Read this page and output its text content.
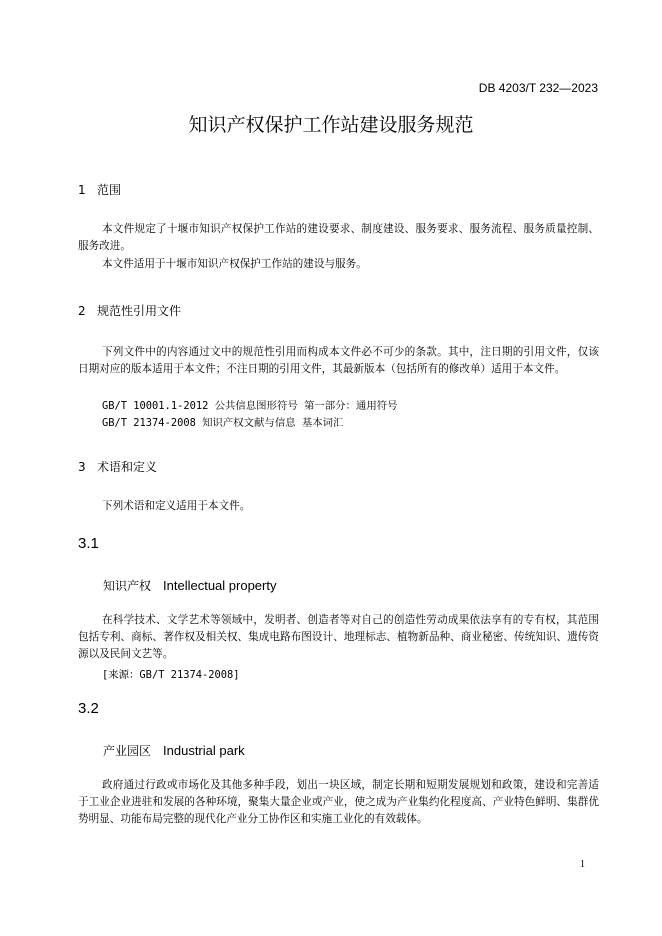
DB 4203/T 232—2023
知识产权保护工作站建设服务规范
1 范围
本文件规定了十堰市知识产权保护工作站的建设要求、制度建设、服务要求、服务流程、服务质量控制、服务改进。
本文件适用于十堰市知识产权保护工作站的建设与服务。
2 规范性引用文件
下列文件中的内容通过文中的规范性引用而构成本文件必不可少的条款。其中，注日期的引用文件，仅该日期对应的版本适用于本文件；不注日期的引用文件，其最新版本（包括所有的修改单）适用于本文件。
GB/T 10001.1-2012 公共信息图形符号 第一部分：通用符号
GB/T 21374-2008 知识产权文献与信息 基本词汇
3 术语和定义
下列术语和定义适用于本文件。
3.1
知识产权 Intellectual property
在科学技术、文学艺术等领域中，发明者、创造者等对自己的创造性劳动成果依法享有的专有权，其范围包括专利、商标、著作权及相关权、集成电路布图设计、地理标志、植物新品种、商业秘密、传统知识、遗传资源以及民间文艺等。
[来源：GB/T 21374-2008]
3.2
产业园区 Industrial park
政府通过行政或市场化及其他多种手段，划出一块区域，制定长期和短期发展规划和政策，建设和完善适于工业企业进驻和发展的各种环境，聚集大量企业或产业，使之成为产业集约化程度高、产业特色鲜明、集群优势明显、功能布局完整的现代化产业分工协作区和实施工业化的有效载体。
1
